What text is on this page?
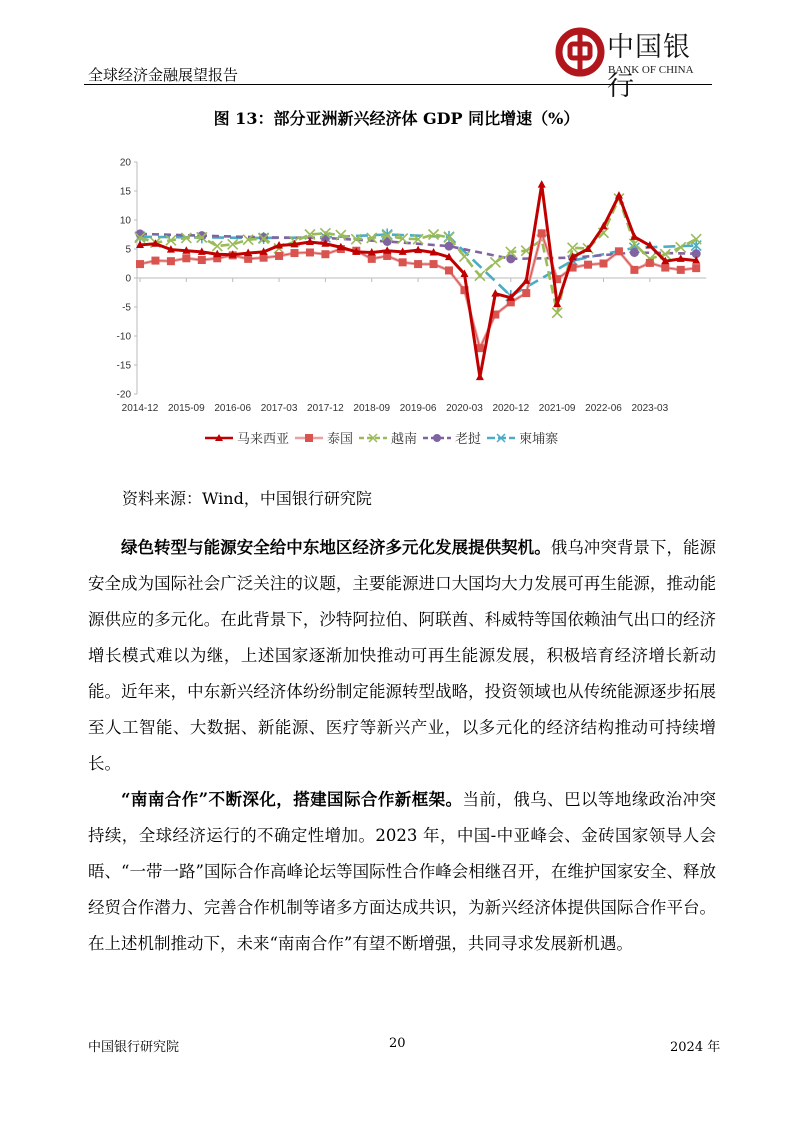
全球经济金融展望报告
中国银行
BANK OF CHINA
图 13：部分亚洲新兴经济体 GDP 同比增速（%）
20
15
10
5
0
-5
-10
-15
-20
2014-12 2015-09 2016-06 2017-03 2017-12 2018-09 2019-06 2020-03 2020-12 2021-09 2022-06 2023-03
马来西亚	泰国	越南	老挝	柬埔寨
资料来源：Wind，中国银行研究院
绿色转型与能源安全给中东地区经济多元化发展提供契机。俄乌冲突背景下，能源安全成为国际社会广泛关注的议题，主要能源进口大国均大力发展可再生能源，推动能源供应的多元化。在此背景下，沙特阿拉伯、阿联酋、科威特等国依赖油气出口的经济增长模式难以为继，上述国家逐渐加快推动可再生能源发展，积极培育经济增长新动能。近年来，中东新兴经济体纷纷制定能源转型战略，投资领域也从传统能源逐步拓展至人工智能、大数据、新能源、医疗等新兴产业，以多元化的经济结构推动可持续增长。
“南南合作”不断深化，搭建国际合作新框架。当前，俄乌、巴以等地缘政治冲突持续，全球经济运行的不确定性增加。2023 年，中国-中亚峰会、金砖国家领导人会晤、“一带一路”国际合作高峰论坛等国际性合作峰会相继召开，在维护国家安全、释放经贸合作潜力、完善合作机制等诸多方面达成共识，为新兴经济体提供国际合作平台。在上述机制推动下，未来“南南合作”有望不断增强，共同寻求发展新机遇。
中国银行研究院	20	2024 年
